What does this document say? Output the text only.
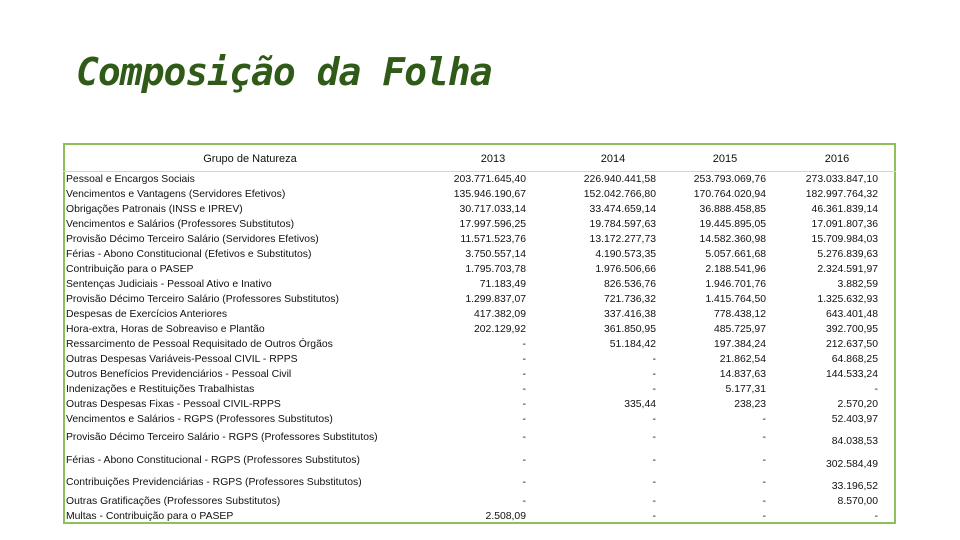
Composição da Folha
Grupo de Natureza	2013	2014	2015	2016
Pessoal e Encargos Sociais	203.771.645,40	226.940.441,58	253.793.069,76	273.033.847,10
Vencimentos e Vantagens (Servidores Efetivos)	135.946.190,67	152.042.766,80	170.764.020,94	182.997.764,32
Obrigações Patronais (INSS e IPREV)	30.717.033,14	33.474.659,14	36.888.458,85	46.361.839,14
Vencimentos e Salários (Professores Substitutos)	17.997.596,25	19.784.597,63	19.445.895,05	17.091.807,36
Provisão Décimo Terceiro Salário (Servidores Efetivos)	11.571.523,76	13.172.277,73	14.582.360,98	15.709.984,03
Férias - Abono Constitucional (Efetivos e Substitutos)	3.750.557,14	4.190.573,35	5.057.661,68	5.276.839,63
Contribuição para o PASEP	1.795.703,78	1.976.506,66	2.188.541,96	2.324.591,97
Sentenças Judiciais - Pessoal Ativo e Inativo	71.183,49	826.536,76	1.946.701,76	3.882,59
Provisão Décimo Terceiro Salário (Professores Substitutos)	1.299.837,07	721.736,32	1.415.764,50	1.325.632,93
Despesas de Exercícios Anteriores	417.382,09	337.416,38	778.438,12	643.401,48
Hora-extra, Horas de Sobreaviso e Plantão	202.129,92	361.850,95	485.725,97	392.700,95
Ressarcimento de Pessoal Requisitado de Outros Órgãos	-	51.184,42	197.384,24	212.637,50
Outras Despesas Variáveis-Pessoal CIVIL - RPPS	-	-	21.862,54	64.868,25
Outros Benefícios Previdenciários - Pessoal Civil	-	-	14.837,63	144.533,24
Indenizações e Restituições Trabalhistas	-	-	5.177,31	-
Outras Despesas Fixas - Pessoal CIVIL-RPPS	-	335,44	238,23	2.570,20
Vencimentos e Salários - RGPS (Professores Substitutos)	-	-	-	52.403,97
Provisão Décimo Terceiro Salário - RGPS (Professores Substitutos)	-	-	-	84.038,53
Férias - Abono Constitucional - RGPS (Professores Substitutos)	-	-	-	302.584,49
Contribuições Previdenciárias - RGPS (Professores Substitutos)	-	-	-	33.196,52
Outras Gratificações (Professores Substitutos)	-	-	-	8.570,00
Multas - Contribuição para o PASEP	2.508,09	-	-	-
